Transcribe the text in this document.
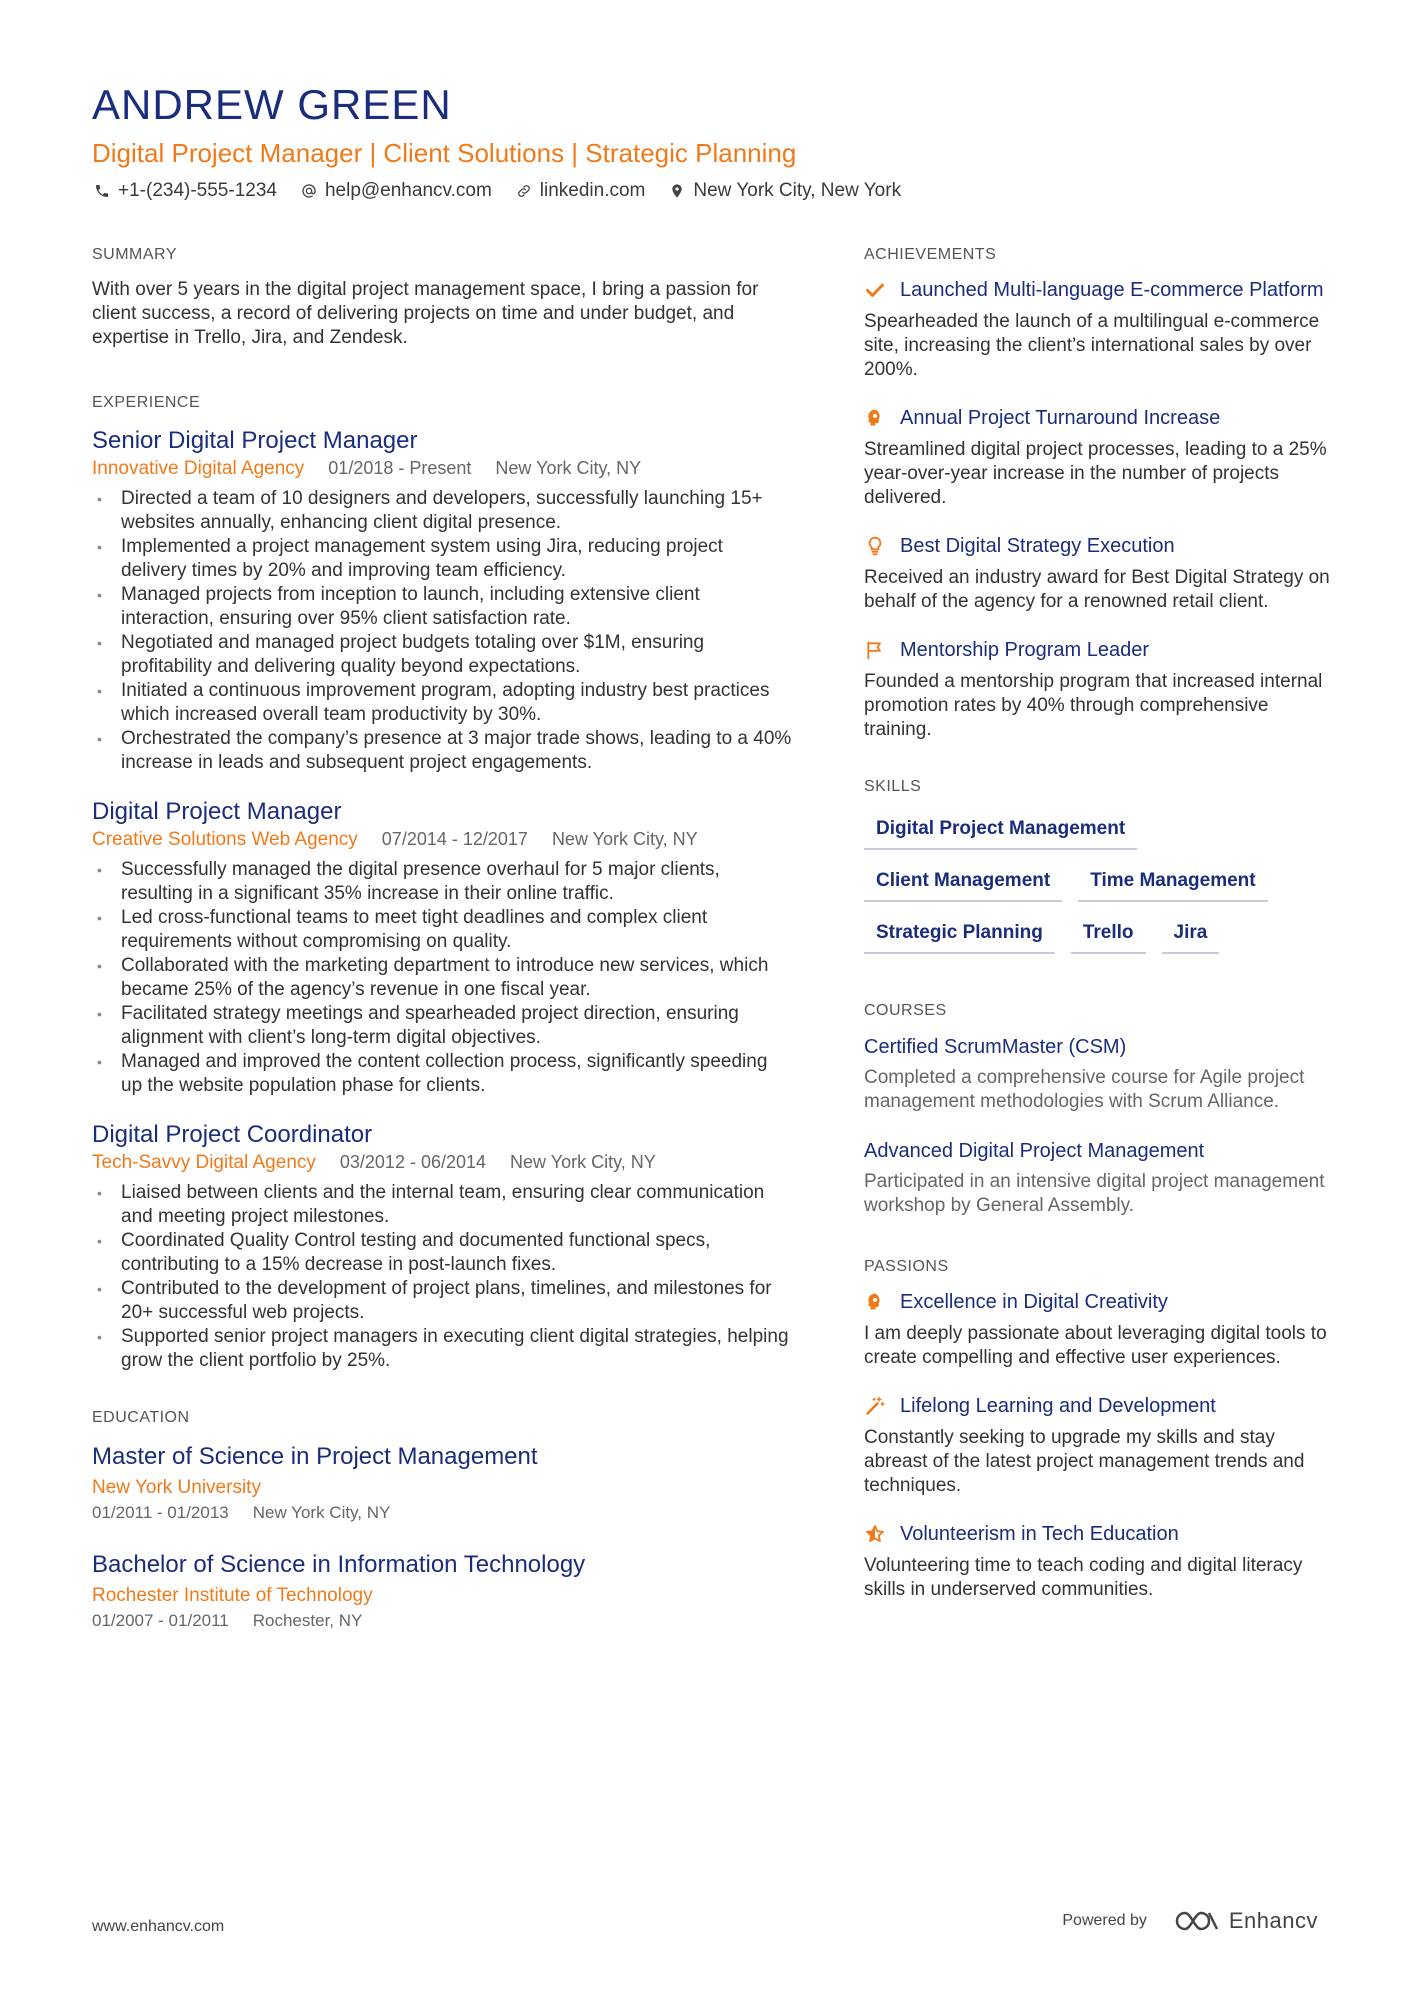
ANDREW GREEN
Digital Project Manager | Client Solutions | Strategic Planning
+1-(234)-555-1234	help@enhancv.com	linkedin.com	New York City, New York
SUMMARY
With over 5 years in the digital project management space, I bring a passion for client success, a record of delivering projects on time and under budget, and expertise in Trello, Jira, and Zendesk.
EXPERIENCE
Senior Digital Project Manager
Innovative Digital Agency 01/2018 - Present New York City, NY
• Directed a team of 10 designers and developers, successfully launching 15+ websites annually, enhancing client digital presence.
• Implemented a project management system using Jira, reducing project delivery times by 20% and improving team efficiency.
• Managed projects from inception to launch, including extensive client interaction, ensuring over 95% client satisfaction rate.
• Negotiated and managed project budgets totaling over $1M, ensuring profitability and delivering quality beyond expectations.
• Initiated a continuous improvement program, adopting industry best practices which increased overall team productivity by 30%.
• Orchestrated the company’s presence at 3 major trade shows, leading to a 40% increase in leads and subsequent project engagements.
Digital Project Manager
Creative Solutions Web Agency 07/2014 - 12/2017 New York City, NY
• Successfully managed the digital presence overhaul for 5 major clients, resulting in a significant 35% increase in their online traffic.
• Led cross-functional teams to meet tight deadlines and complex client requirements without compromising on quality.
• Collaborated with the marketing department to introduce new services, which became 25% of the agency’s revenue in one fiscal year.
• Facilitated strategy meetings and spearheaded project direction, ensuring alignment with client’s long-term digital objectives.
• Managed and improved the content collection process, significantly speeding up the website population phase for clients.
Digital Project Coordinator
Tech-Savvy Digital Agency 03/2012 - 06/2014 New York City, NY
• Liaised between clients and the internal team, ensuring clear communication and meeting project milestones.
• Coordinated Quality Control testing and documented functional specs, contributing to a 15% decrease in post-launch fixes.
• Contributed to the development of project plans, timelines, and milestones for 20+ successful web projects.
• Supported senior project managers in executing client digital strategies, helping grow the client portfolio by 25%.
EDUCATION
Master of Science in Project Management
New York University
01/2011 - 01/2013 New York City, NY
Bachelor of Science in Information Technology
Rochester Institute of Technology
01/2007 - 01/2011 Rochester, NY
ACHIEVEMENTS
Launched Multi-language E-commerce Platform
Spearheaded the launch of a multilingual e-commerce site, increasing the client’s international sales by over 200%.
Annual Project Turnaround Increase
Streamlined digital project processes, leading to a 25% year-over-year increase in the number of projects delivered.
Best Digital Strategy Execution
Received an industry award for Best Digital Strategy on behalf of the agency for a renowned retail client.
Mentorship Program Leader
Founded a mentorship program that increased internal promotion rates by 40% through comprehensive training.
SKILLS
Digital Project Management
Client Management	Time Management
Strategic Planning	Trello	Jira
COURSES
Certified ScrumMaster (CSM)
Completed a comprehensive course for Agile project management methodologies with Scrum Alliance.
Advanced Digital Project Management
Participated in an intensive digital project management workshop by General Assembly.
PASSIONS
Excellence in Digital Creativity
I am deeply passionate about leveraging digital tools to create compelling and effective user experiences.
Lifelong Learning and Development
Constantly seeking to upgrade my skills and stay abreast of the latest project management trends and techniques.
Volunteerism in Tech Education
Volunteering time to teach coding and digital literacy skills in underserved communities.
www.enhancv.com	Powered by	Enhancv
